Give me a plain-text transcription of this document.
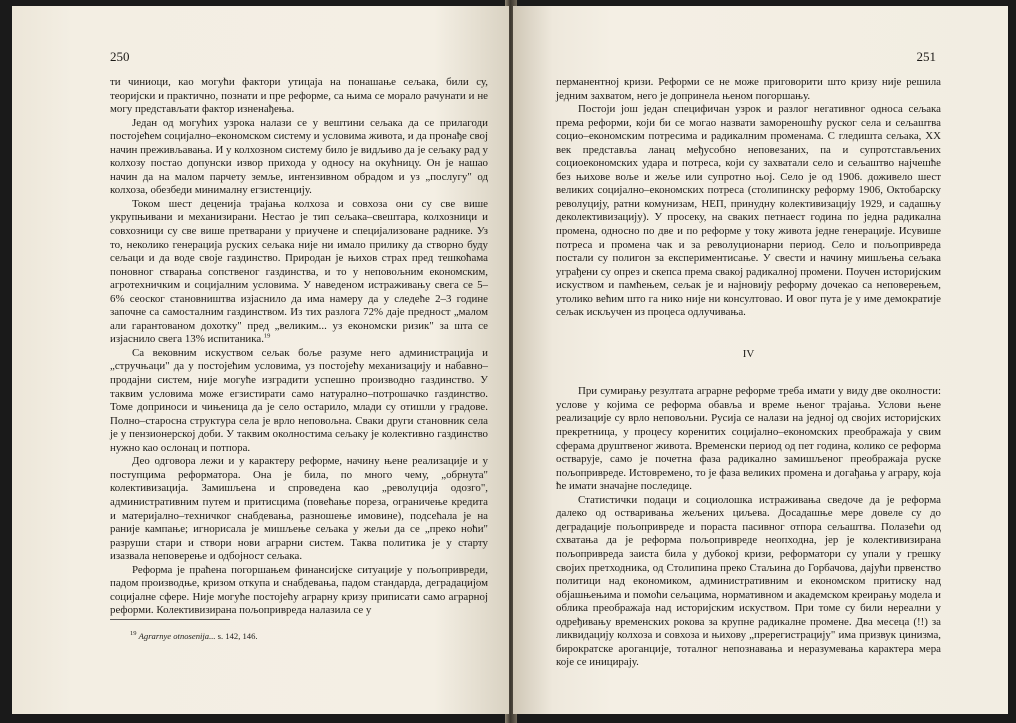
250

ти чиниоци, као могући фактори утицаја на понашање сељака, били су, теоријски и практично, познати и пре реформе, са њима се морало рачунати и не могу представљати фактор изненађења.

Један од могућих узрока налази се у вештини сељака да се прилагоди постојећем социјално–економском систему и условима живота, и да пронађе свој начин преживљавања. И у колхозном систему било је видљиво да је сељаку рад у колхозу постао допунски извор прихода у односу на окућницу. Он је нашао начин да на малом парчету земље, интензивном обрадом и уз „послугу" од колхоза, обезбеди минималну егзистенцију.

Током шест деценија трајања колхоза и совхоза они су све више укрупњивани и механизирани. Нестао је тип сељака–свештара, колхозници и совхозници су све више претварани у приучене и специјализоване раднике. Уз то, неколико генерација руских сељака није ни имало прилику да створно буду сељаци и да воде своје газдинство. Природан је њихов страх пред тешкоћама поновног стварања сопственог газдинства, и то у неповољним економским, агротехничким и социјалним условима. У наведеном истраживању свега се 5–6% сеоског становништва изјаснило да има намеру да у следеће 2–3 године започне са самосталним газдинством. Из тих разлога 72% даје предност „малом али гарантованом дохотку" пред „великим... уз економски ризик" за шта се изјаснило свега 13% испитаника.$^{19}$

Са вековним искуством сељак боље разуме него администрација и „стручњаци" да у постојећим условима, уз постојећу механизацију и набавно–продајни систем, није могуће изградити успешно производно газдинство. У таквим условима може егзистирати само натурално–потрошачко газдинство. Томе доприноси и чињеница да је село остарило, млади су отишли у градове. Полно–старосна структура села је врло неповољна. Сваки други становник села је у пензионерској доби. У таквим околностима сељаку је колективно газдинство нужно као ослонац и потпора.

Део одговора лежи и у карактеру реформе, начину њене реализације и у поступцима реформатора. Она је била, по много чему, „обрнута" колективизација. Замишљена и спроведена као „револуција одозго", административним путем и притисцима (повећање пореза, ограничење кредита и материјално–техничког снабдевања, разношење имовине), подсећала је на раније кампање; игнорисала је мишљење сељака у жељи да се „преко ноћи" разруши стари и створи нови аграрни систем. Таква политика је у старту изазвала неповерење и одбојност сељака.

Реформа је праћена погоршањем финансијске ситуације у пољопривреди, падом производње, кризом откупа и снабдевања, падом стандарда, деградацијом социјалне сфере. Није могуће постојећу аграрну кризу приписати само аграрној реформи. Колективизирана пољопривреда налазила се у

$^{19}$ Agrarnye otnosenija... s. 142, 146.
251

перманентној кризи. Реформи се не може приговорити што кризу није решила једним захватом, него је допринела њеном погоршању.

Постоји још један специфичан узрок и разлог негативног односа сељака према реформи, који би се могао назвати заморенoшћу руског села и сељаштва социо–економским потресима и радикалним променама. С гледишта сељака, XX век представља ланац међусобно неповезаних, па и супротстављених социоекономских ударa и потреса, који су захватали село и сељаштво најчешће без њихове воље и жеље или супротно њој. Село је од 1906. доживело шест великих социјално–економских потреса (столипинску реформу 1906, Октобарску револуцију, ратни комунизам, НЕП, принудну колективизацију 1929, и садашњу деколективизацију). У просеку, на сваких петнаест година по једна радикална промена, односно по две и по реформе у току живота једне генерације. Исувише потреса и промена чак и за револуционарни период. Село и пољопривреда постали су полигон за експериментисање. У свести и начину мишљења сељака уграђени су опрез и скепса према свакој радикалној промени. Поучен историјским искуством и памћењем, сељак је и најновију реформу дочекао са неповерењем, утолико већим што га нико није ни консултовао. И овог пута је у име демократије сељак искључен из процеса одлучивања.

IV

При сумирању резултата аграрне реформе треба имати у виду две околности: услове у којима се реформа обавља и време њеног трајања. Услови њене реализације су врло неповољни. Русија се налази на једној од својих историјских прекретница, у процесу коренитих социјално–економских преображаја у свим сферама друштвеног живота. Временски период од пет година, колико се реформа остварује, само је почетна фаза радикално замишљеног преображаја руске пољопривреде. Истовремено, то је фаза великих промена и догађања у аграру, која ће имати значајне последице.

Статистички подаци и социолошка истраживања сведоче да је реформа далеко од остваривања жељених циљева. Досадашње мере довеле су до деградације пољопривреде и пораста пасивног отпора сељаштва. Полазећи од схватања да је реформа пољопривреде неопходна, јер је колективизирана пољопривреда заиста била у дубокој кризи, реформатори су упали у грешку својих претходника, од Столипина преко Стаљина до Горбачова, дајући првенство политици над економиком, административним и економском притиску над објашњењима и помоћи сељацима, нормативном и академском креирању модела и облика преображаја над историјским искуством. При томе су били нереални у одређивању временских рокова за крупне радикалне промене. Два месеца (!!) за ликвидацију колхоза и совхоза и њихову „пререгистрацију" има призвук цинизма, бирократске ароганције, тоталног непознавања и неразумевања карактера мера које се иницирају.
